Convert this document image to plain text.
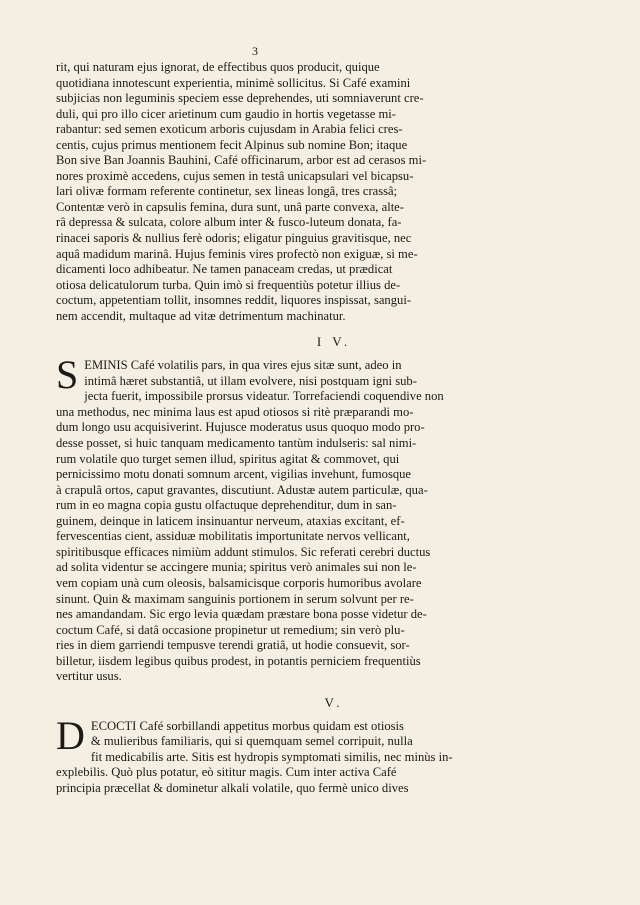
3
rit, qui naturam ejus ignorat, de effectibus quos producit, quique
quotidiana innotescunt experientia, minimè sollicitus. Si Café examini
subjicias non leguminis speciem esse deprehendes, uti somniaverunt cre-
duli, qui pro illo cicer arietinum cum gaudio in hortis vegetasse mi-
rabantur: sed semen exoticum arboris cujusdam in Arabia felici cres-
centis, cujus primus mentionem fecit Alpinus sub nomine Bon; itaque
Bon sive Ban Joannis Bauhini, Café officinarum, arbor est ad cerasos mi-
nores proximè accedens, cujus semen in testâ unicapsulari vel bicapsu-
lari olivæ formam referente continetur, sex lineas longâ, tres crassâ;
Contentæ verò in capsulis femina, dura sunt, unâ parte convexa, alte-
râ depressa & sulcata, colore album inter & fusco-luteum donata, fa-
rinacei saporis & nullius ferè odoris; eligatur pinguius gravitisque, nec
aquâ madidum marinâ. Hujus feminis vires profectò non exiguæ, si me-
dicamenti loco adhibeatur. Ne tamen panaceam credas, ut prædicat
otiosa delicatulorum turba. Quin imò si frequentiùs potetur illius de-
coctum, appetentiam tollit, insomnes reddit, liquores inspissat, sangui-
nem accendit, multaque ad vitæ detrimentum machinatur.
I V.
S EMINIS Café volatilis pars, in qua vires ejus sitæ sunt, adeo in
intimâ hæret substantiâ, ut illam evolvere, nisi postquam igni sub-
jecta fuerit, impossibile prorsus videatur. Torrefaciendi coquendive non
una methodus, nec minima laus est apud otiosos si ritè præparandi mo-
dum longo usu acquisiverint. Hujusce moderatus usus quoquo modo pro-
desse posset, si huic tanquam medicamento tantùm indulseris: sal nimi-
rum volatile quo turget semen illud, spiritus agitat & commovet, qui
pernicissimo motu donati somnum arcent, vigilias invehunt, fumosque
à crapulâ ortos, caput gravantes, discutiunt. Adustæ autem particulæ, qua-
rum in eo magna copia gustu olfactuque deprehenditur, dum in san-
guinem, deinque in laticem insinuantur nerveum, ataxias excitant, ef-
fervescentias cient, assiduæ mobilitatis importunitate nervos vellicant,
spiritibusque efficaces nimiùm addunt stimulos. Sic referati cerebri ductus
ad solita videntur se accingere munia; spiritus verò animales sui non le-
vem copiam unà cum oleosis, balsamicisque corporis humoribus avolare
sinunt. Quin & maximam sanguinis portionem in serum solvunt per re-
nes amandandam. Sic ergo levia quædam præstare bona posse videtur de-
coctum Café, si datâ occasione propinetur ut remedium; sin verò plu-
ries in diem garriendi tempusve terendi gratiâ, ut hodie consuevit, sor-
billetur, iisdem legibus quibus prodest, in potantis perniciem frequentiùs
vertitur usus.
V.
D ECOCTI Café sorbillandi appetitus morbus quidam est otiosis
& mulieribus familiaris, qui si quemquam semel corripuit, nulla
fit medicabilis arte. Sitis est hydropis symptomati similis, nec minùs in-
explebilis. Quò plus potatur, eò sititur magis. Cum inter activa Café
principia præcellat & dominetur alkali volatile, quo fermè unico dives
